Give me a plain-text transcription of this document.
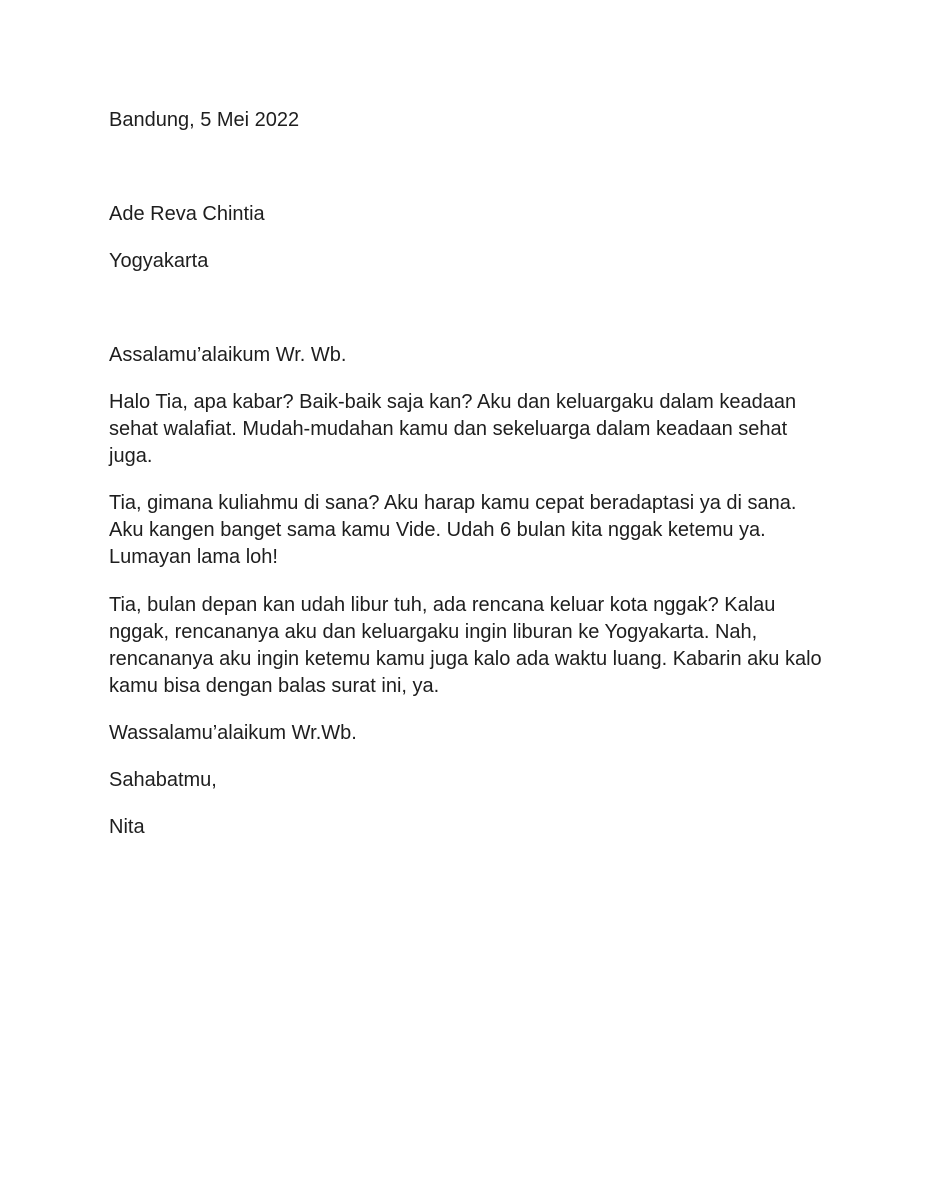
Bandung, 5 Mei 2022

Ade Reva Chintia

Yogyakarta

Assalamu’alaikum Wr. Wb.

Halo Tia, apa kabar? Baik-baik saja kan? Aku dan keluargaku dalam keadaan
sehat walafiat. Mudah-mudahan kamu dan sekeluarga dalam keadaan sehat
juga.
Tia, gimana kuliahmu di sana? Aku harap kamu cepat beradaptasi ya di sana.
Aku kangen banget sama kamu Vide. Udah 6 bulan kita nggak ketemu ya.
Lumayan lama loh!
Tia, bulan depan kan udah libur tuh, ada rencana keluar kota nggak? Kalau
nggak, rencananya aku dan keluargaku ingin liburan ke Yogyakarta. Nah,
rencananya aku ingin ketemu kamu juga kalo ada waktu luang. Kabarin aku kalo
kamu bisa dengan balas surat ini, ya.

Wassalamu’alaikum Wr.Wb.

Sahabatmu,

Nita
